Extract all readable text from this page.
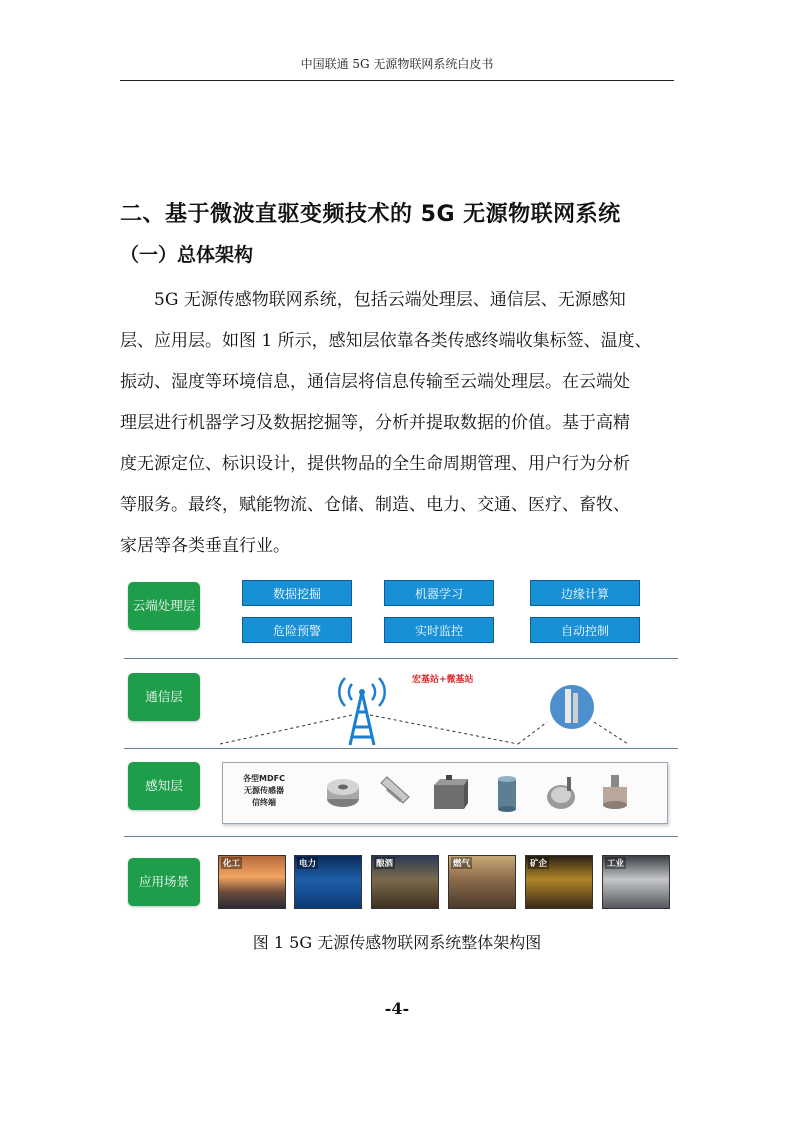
中国联通 5G 无源物联网系统白皮书
二、基于微波直驱变频技术的 5G 无源物联网系统
（一）总体架构
5G 无源传感物联网系统，包括云端处理层、通信层、无源感知
层、应用层。如图 1 所示，感知层依靠各类传感终端收集标签、温度、
振动、湿度等环境信息，通信层将信息传输至云端处理层。在云端处
理层进行机器学习及数据挖掘等，分析并提取数据的价值。基于高精
度无源定位、标识设计，提供物品的全生命周期管理、用户行为分析
等服务。最终，赋能物流、仓储、制造、电力、交通、医疗、畜牧、
家居等各类垂直行业。
云端处理层
通信层
感知层
应用场景
数据挖掘	机器学习	边缘计算
危险预警	实时监控	自动控制
宏基站+微基站
各型MDFC
无源传感器
信终端
化工	电力	酿酒	燃气	矿企	工业
图 1 5G 无源传感物联网系统整体架构图
-4-
